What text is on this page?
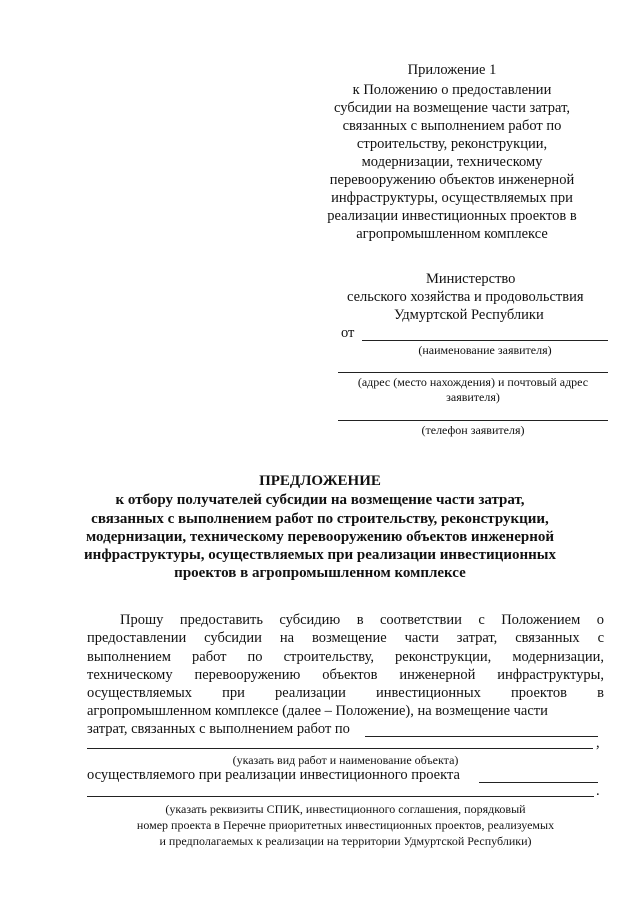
Приложение 1
к Положению о предоставлении
субсидии на возмещение части затрат,
связанных с выполнением работ по
строительству, реконструкции,
модернизации, техническому
перевооружению объектов инженерной
инфраструктуры, осуществляемых при
реализации инвестиционных проектов в
агропромышленном комплексе
Министерство
сельского хозяйства и продовольствия
Удмуртской Республики
от
(наименование заявителя)
(адрес (место нахождения) и почтовый адрес
заявителя)
(телефон заявителя)
ПРЕДЛОЖЕНИЕ
к отбору получателей субсидии на возмещение части затрат,
связанных с выполнением работ по строительству, реконструкции,
модернизации, техническому перевооружению объектов инженерной
инфраструктуры, осуществляемых при реализации инвестиционных
проектов в агропромышленном комплексе
Прошу предоставить субсидию в соответствии с Положением о
предоставлении субсидии на возмещение части затрат, связанных с
выполнением работ по строительству, реконструкции, модернизации,
техническому перевооружению объектов инженерной инфраструктуры,
осуществляемых при реализации инвестиционных проектов в
агропромышленном комплексе (далее – Положение), на возмещение части
затрат, связанных с выполнением работ по
,
(указать вид работ и наименование объекта)
осуществляемого при реализации инвестиционного проекта
.
(указать реквизиты СПИК, инвестиционного соглашения, порядковый
номер проекта в Перечне приоритетных инвестиционных проектов, реализуемых
и предполагаемых к реализации на территории Удмуртской Республики)
